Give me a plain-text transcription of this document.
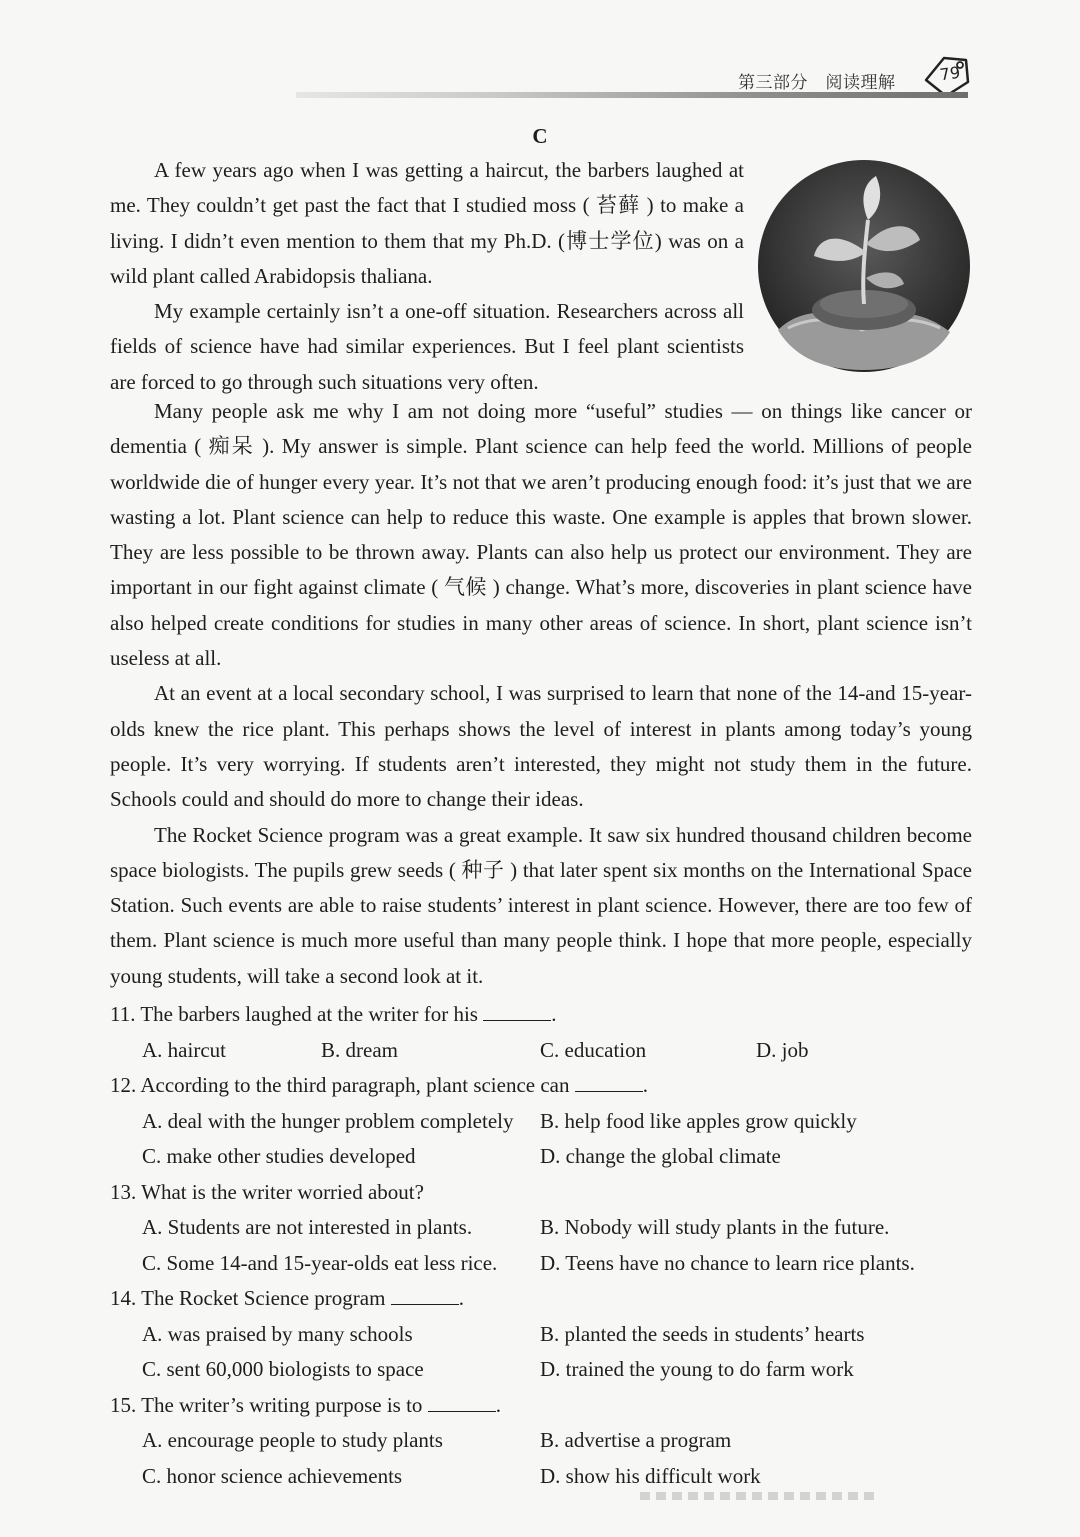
第三部分　阅读理解	79
C

A few years ago when I was getting a haircut, the barbers laughed at me. They couldn’t get past the fact that I studied moss ( 苔藓 ) to make a living. I didn’t even mention to them that my Ph.D. (博士学位) was on a wild plant called Arabidopsis thaliana.

My example certainly isn’t a one-off situation. Researchers across all fields of science have had similar experiences. But I feel plant scientists are forced to go through such situations very often.

Many people ask me why I am not doing more “useful” studies — on things like cancer or dementia ( 痴呆 ). My answer is simple. Plant science can help feed the world. Millions of people worldwide die of hunger every year. It’s not that we aren’t producing enough food: it’s just that we are wasting a lot. Plant science can help to reduce this waste. One example is apples that brown slower. They are less possible to be thrown away. Plants can also help us protect our environment. They are important in our fight against climate ( 气候 ) change. What’s more, discoveries in plant science have also helped create conditions for studies in many other areas of science. In short, plant science isn’t useless at all.

At an event at a local secondary school, I was surprised to learn that none of the 14-and 15-year-olds knew the rice plant. This perhaps shows the level of interest in plants among today’s young people. It’s very worrying. If students aren’t interested, they might not study them in the future. Schools could and should do more to change their ideas.

The Rocket Science program was a great example. It saw six hundred thousand children become space biologists. The pupils grew seeds ( 种子 ) that later spent six months on the International Space Station. Such events are able to raise students’ interest in plant science. However, there are too few of them. Plant science is much more useful than many people think. I hope that more people, especially young students, will take a second look at it.

11. The barbers laughed at the writer for his	.
A. haircut	B. dream	C. education	D. job
12. According to the third paragraph, plant science can	.
A. deal with the hunger problem completely B. help food like apples grow quickly
C. make other studies developed	D. change the global climate
13. What is the writer worried about?
A. Students are not interested in plants.	B. Nobody will study plants in the future.
C. Some 14-and 15-year-olds eat less rice. D. Teens have no chance to learn rice plants.
14. The Rocket Science program	.
A. was praised by many schools	B. planted the seeds in students’ hearts
C. sent 60,000 biologists to space	D. trained the young to do farm work
15. The writer’s writing purpose is to	.
A. encourage people to study plants	B. advertise a program
C. honor science achievements	D. show his difficult work
